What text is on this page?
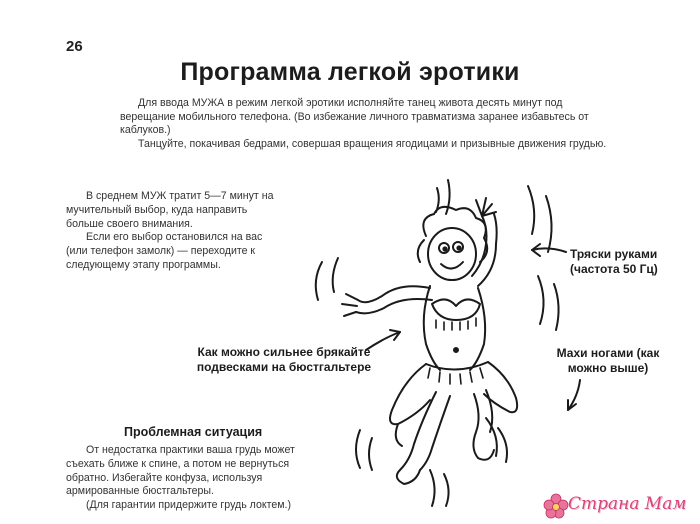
26
Программа легкой эротики

Для ввода МУЖА в режим легкой эротики исполняйте танец живота десять минут под верещание мобильного телефона. (Во избежание личного травматизма заранее избавьтесь от каблуков.)

Танцуйте, покачивая бедрами, совершая вращения ягодицами и призывные движения грудью.

В среднем МУЖ тратит 5—7 минут на мучительный выбор, куда направить больше своего внимания.

Если его выбор остановился на вас (или телефон замолк) — переходите к следующему этапу программы.

Тряски руками (частота 50 Гц)
Как можно сильнее брякайте подвесками на бюстгальтере
Махи ногами (как можно выше)
Проблемная ситуация

От недостатка практики ваша грудь может съехать ближе к спине, а потом не вернуться обратно. Избегайте конфуза, используя армированные бюстгальтеры.

(Для гарантии придержите грудь локтем.)	Страна Мам
